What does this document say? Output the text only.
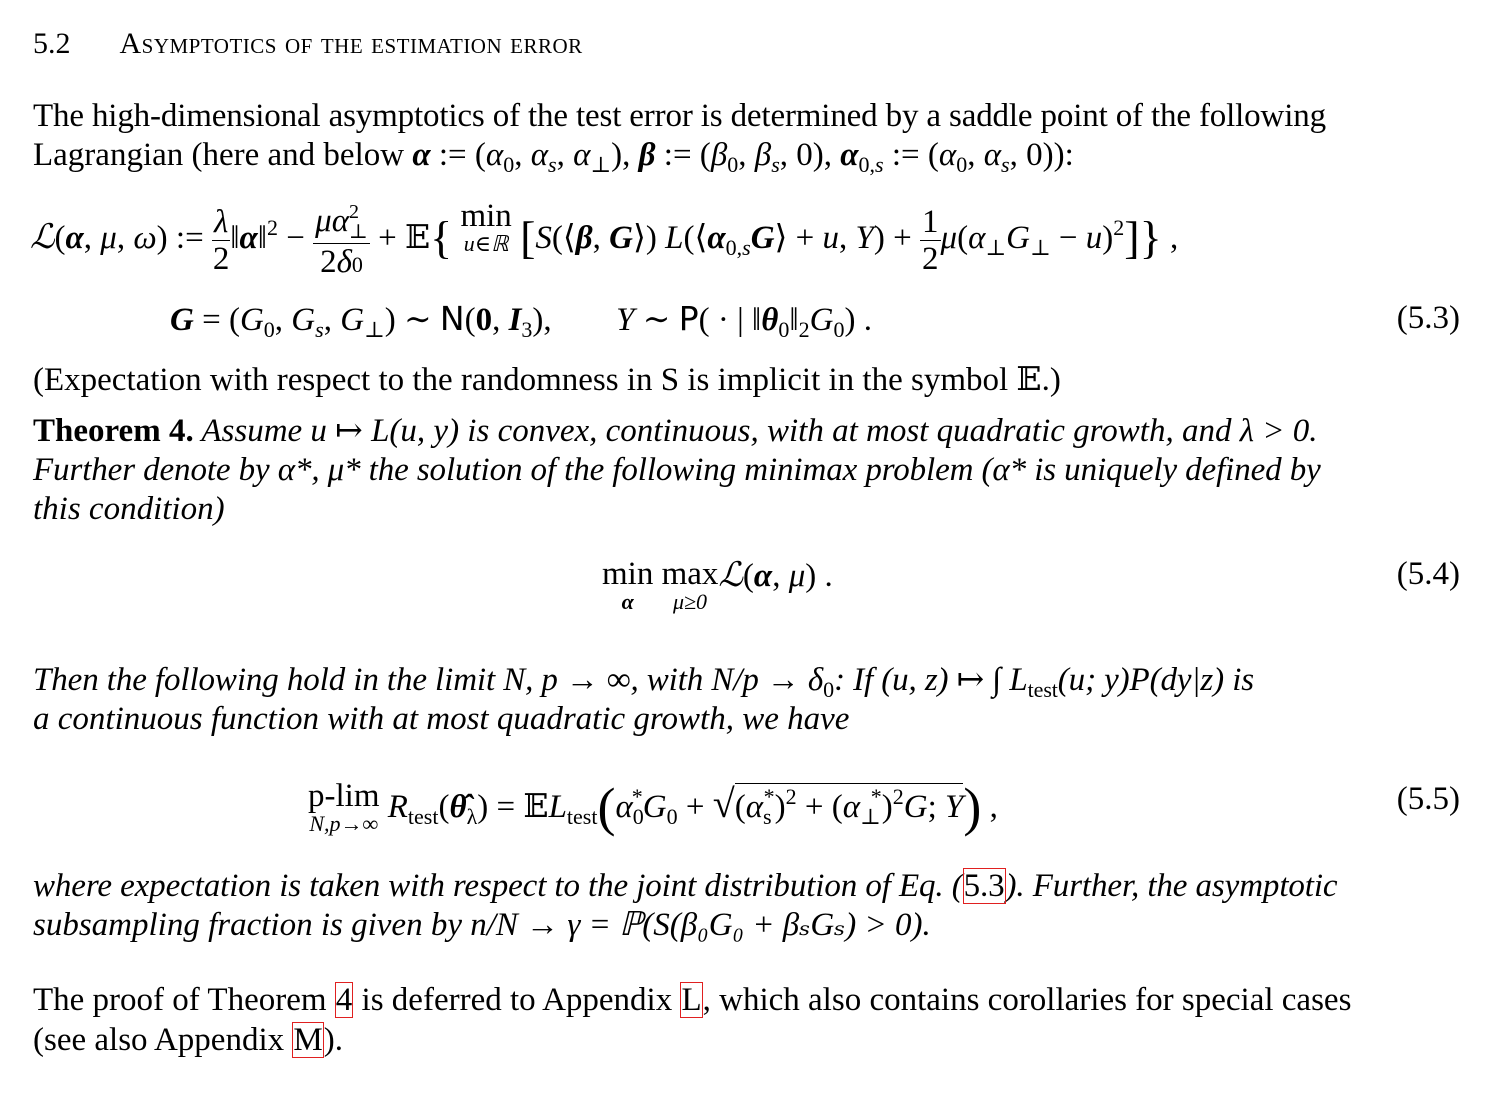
5.2 Asymptotics of the estimation error
The high-dimensional asymptotics of the test error is determined by a saddle point of the following
Lagrangian (here and below α := ($\alpha_0$, $\alpha_s$, $\alpha_\perp$), β := ($\beta_0$, $\beta_s$, 0), $\alpha_{0,s}$ := ($\alpha_0$, $\alpha_s$, 0)):
ℒ(α, μ, ω) := $\frac{\lambda}{2}$ ‖α‖$^2$ − $\frac{\mu\alpha^2_\perp}{2\delta 0}$ + 𝔼{ min
u∈ℝ [S(⟨β, G⟩) $L(⟨\alpha_{0,s}G⟩ + u$, $Y) + \frac{1}{2} \mu(\alpha_\perp G_\perp - u)^2$]} ,
$G = (G_0$, $G_s$, $G_\perp$) ∼ N(0, $I_3$),  Y ∼ P( · | $‖\theta_0‖_2G_0$) .	(5.3)
(Expectation with respect to the randomness in S is implicit in the symbol 𝔼.)
Theorem 4. Assume u ↦ L(u, y) is convex, continuous, with at most quadratic growth, and λ > 0.
Further denote by α*, μ* the solution of the following minimax problem (α* is uniquely defined by
this condition)
min
α

max
μ≥0
ℒ(α, μ) .	(5.4)
Then the following hold in the limit N, p → ∞, with $N/p \to \delta_0$: If (u, z) ↦ ∫ $L_{test}(u$; y)P(dy|z) is
a continuous function with at most quadratic growth, we have
p-lim
N,p→∞ $R_{test}(\thetâ_\lambda)$ = $𝔼L_{test}(\alpha_0^*G_0 + √(\alpha_s^*)^2 + (\alpha_\perp^*)^2G$; Y) ,	(5.5)
where expectation is taken with respect to the joint distribution of Eq. (5.3). Further, the asymptotic
subsampling fraction is given by n/N → γ = ℙ(S(β₀G₀ + βₛGₛ) > 0).
The proof of Theorem 4 is deferred to Appendix L, which also contains corollaries for special cases
(see also Appendix M).
